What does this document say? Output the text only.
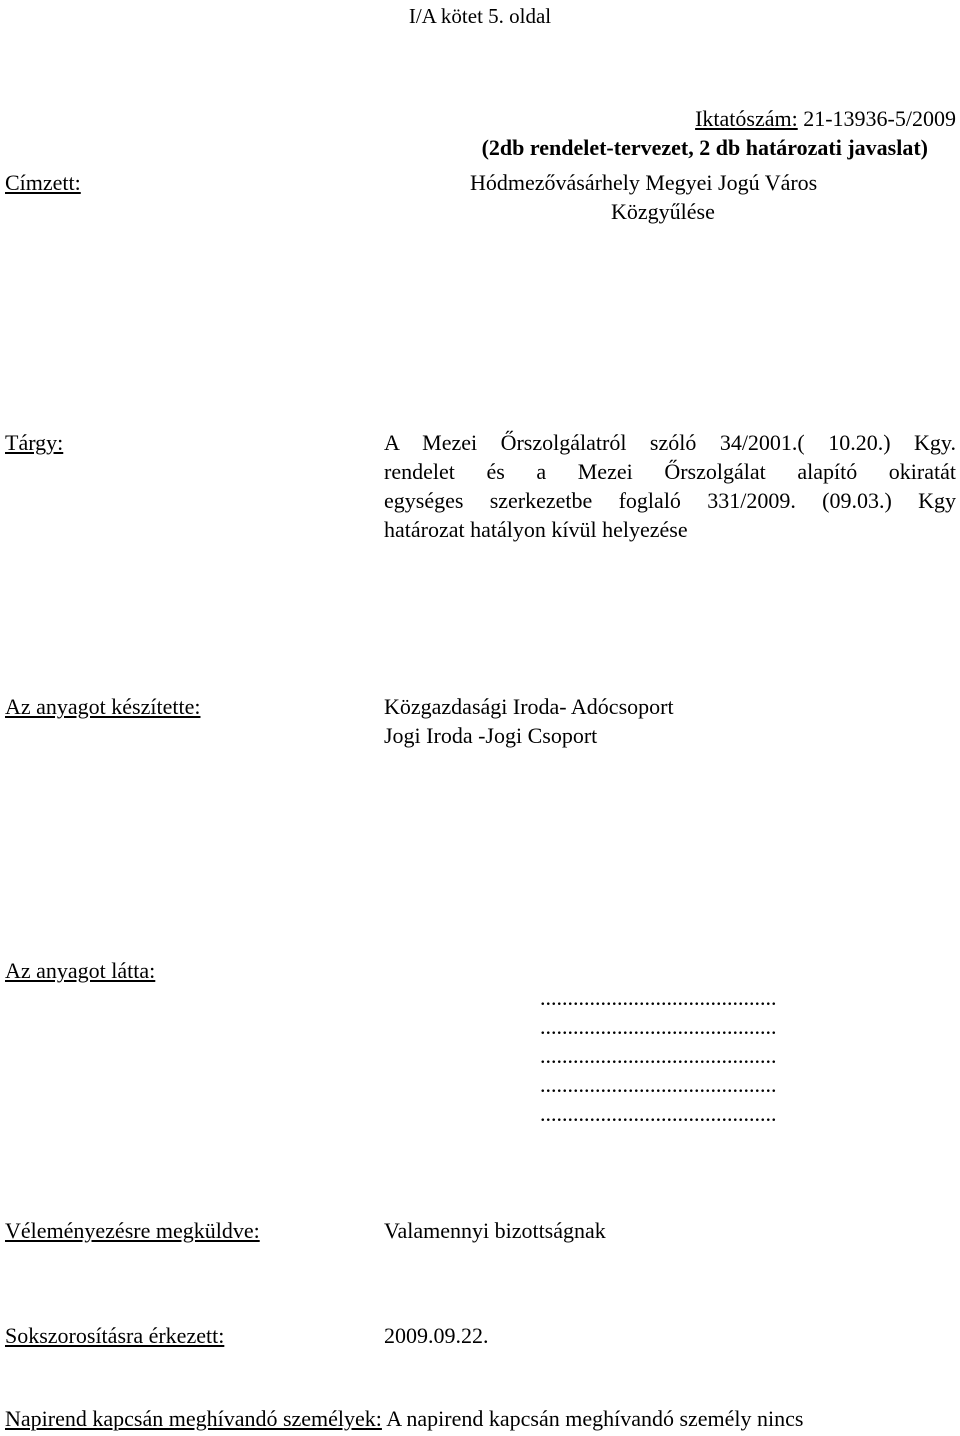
I/A kötet 5. oldal
Iktatószám: 21-13936-5/2009
(2db rendelet-tervezet, 2 db határozati javaslat)
Címzett:	Hódmezővásárhely Megyei Jogú Város
Közgyűlése
Tárgy:	A Mezei Őrszolgálatról szóló 34/2001.( 10.20.) Kgy.
rendelet és a Mezei Őrszolgálat alapító okiratát
egységes szerkezetbe foglaló 331/2009. (09.03.) Kgy
határozat hatályon kívül helyezése
Az anyagot készítette:	Közgazdasági Iroda- Adócsoport
Jogi Iroda -Jogi Csoport
Az anyagot látta:
...........................................
...........................................
...........................................
...........................................
...........................................
Véleményezésre megküldve:	Valamennyi bizottságnak
Sokszorosításra érkezett:	2009.09.22.
Napirend kapcsán meghívandó személyek: A napirend kapcsán meghívandó személy nincs
